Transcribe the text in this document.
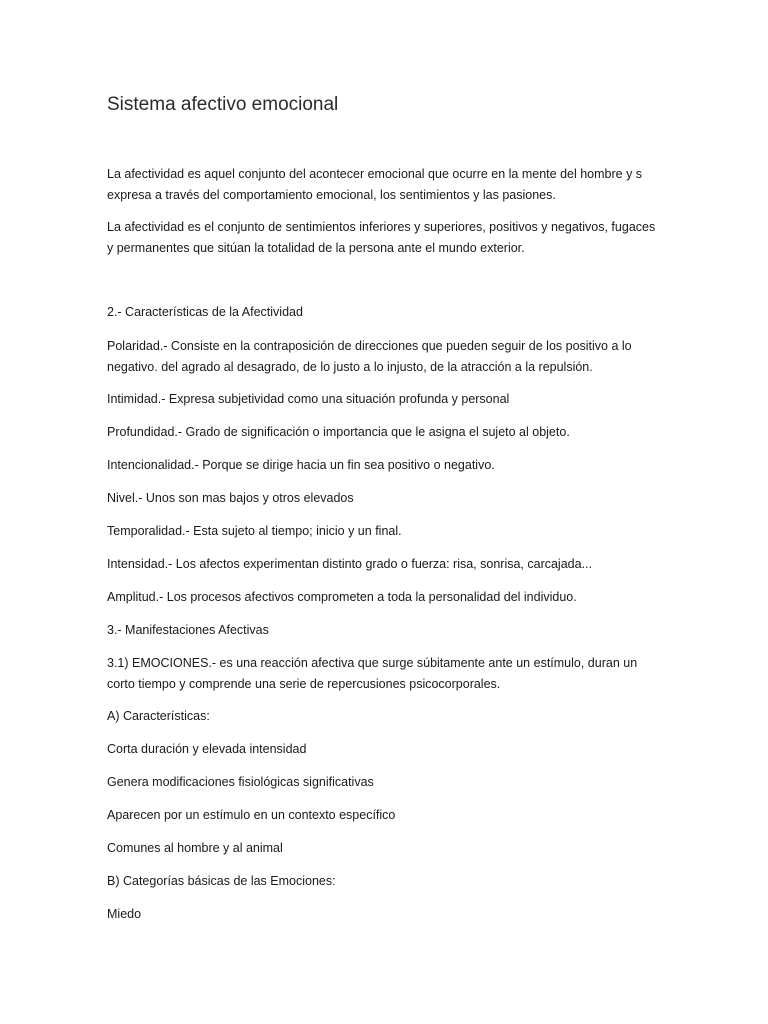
Sistema afectivo emocional

La afectividad es aquel conjunto del acontecer emocional que ocurre en la mente del hombre y s
expresa a través del comportamiento emocional, los sentimientos y las pasiones.

La afectividad es el conjunto de sentimientos inferiores y superiores, positivos y negativos, fugaces
y permanentes que sitúan la totalidad de la persona ante el mundo exterior.

2.- Características de la Afectividad

Polaridad.- Consiste en la contraposición de direcciones que pueden seguir de los positivo a lo
negativo. del agrado al desagrado, de lo justo a lo injusto, de la atracción a la repulsión.

Intimidad.- Expresa subjetividad como una situación profunda y personal

Profundidad.- Grado de significación o importancia que le asigna el sujeto al objeto.

Intencionalidad.- Porque se dirige hacia un fin sea positivo o negativo.

Nivel.- Unos son mas bajos y otros elevados

Temporalidad.- Esta sujeto al tiempo; inicio y un final.

Intensidad.- Los afectos experimentan distinto grado o fuerza: risa, sonrisa, carcajada...

Amplitud.- Los procesos afectivos comprometen a toda la personalidad del individuo.

3.- Manifestaciones Afectivas

3.1) EMOCIONES.- es una reacción afectiva que surge súbitamente ante un estímulo, duran un
corto tiempo y comprende una serie de repercusiones psicocorporales.

A) Características:

Corta duración y elevada intensidad

Genera modificaciones fisiológicas significativas

Aparecen por un estímulo en un contexto específico

Comunes al hombre y al animal

B) Categorías básicas de las Emociones:

Miedo
